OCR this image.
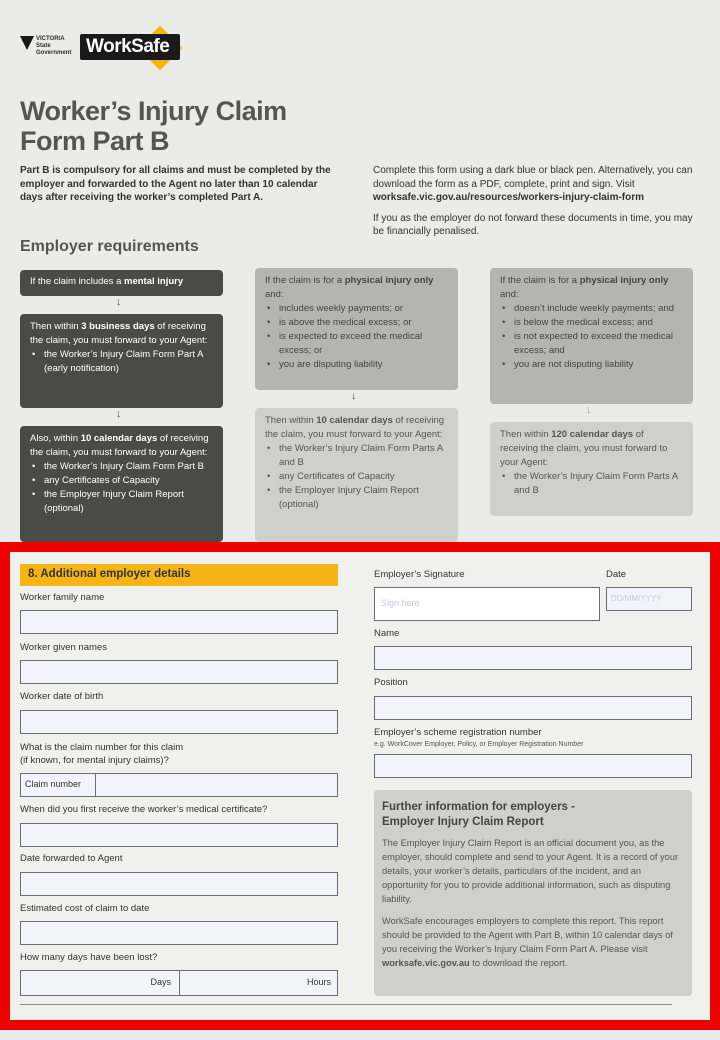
VICTORIA State Government WorkSafe
Worker’s Injury Claim
Form Part B
Part B is compulsory for all claims and must be completed by the employer and forwarded to the Agent no later than 10 calendar days after receiving the worker’s completed Part A.

Complete this form using a dark blue or black pen. Alternatively, you can download the form as a PDF, complete, print and sign. Visit worksafe.vic.gov.au/resources/workers-injury-claim-form

If you as the employer do not forward these documents in time, you may be financially penalised.

Employer requirements
If the claim includes a mental injury
↓
Then within 3 business days of receiving the claim, you must forward to your Agent:
• the Worker’s Injury Claim Form Part A (early notification)
↓
Also, within 10 calendar days of receiving the claim, you must forward to your Agent:
• the Worker’s Injury Claim Form Part B
• any Certificates of Capacity
• the Employer Injury Claim Report (optional)
If the claim is for a physical injury only and:
• includes weekly payments; or
• is above the medical excess; or
• is expected to exceed the medical excess; or
• you are disputing liability
↓
Then within 10 calendar days of receiving the claim, you must forward to your Agent:
• the Worker’s Injury Claim Form Parts A and B
• any Certificates of Capacity
• the Employer Injury Claim Report (optional)
If the claim is for a physical injury only and:
• doesn’t include weekly payments; and
• is below the medical excess; and
• is not expected to exceed the medical excess; and
• you are not disputing liability
↓
Then within 120 calendar days of receiving the claim, you must forward to your Agent:
• the Worker’s Injury Claim Form Parts A and B
8. Additional employer details
Worker family name
Worker given names
Worker date of birth
What is the claim number for this claim
(if known, for mental injury claims)?
Claim number
When did you first receive the worker’s medical certificate?
Date forwarded to Agent
Estimated cost of claim to date
How many days have been lost?
Days	Hours
Employer’s Signature	Date
Sign here	DD/MM/YYYY
Name
Position
Employer’s scheme registration number
e.g. WorkCover Employer, Policy, or Employer Registration Number
Further information for employers -
Employer Injury Claim Report
The Employer Injury Claim Report is an official document you, as the employer, should complete and send to your Agent. It is a record of your details, your worker’s details, particulars of the incident, and an opportunity for you to provide additional information, such as disputing liability.
WorkSafe encourages employers to complete this report. This report should be provided to the Agent with Part B, within 10 calendar days of you receiving the Worker’s Injury Claim Form Part A. Please visit worksafe.vic.gov.au to download the report.
